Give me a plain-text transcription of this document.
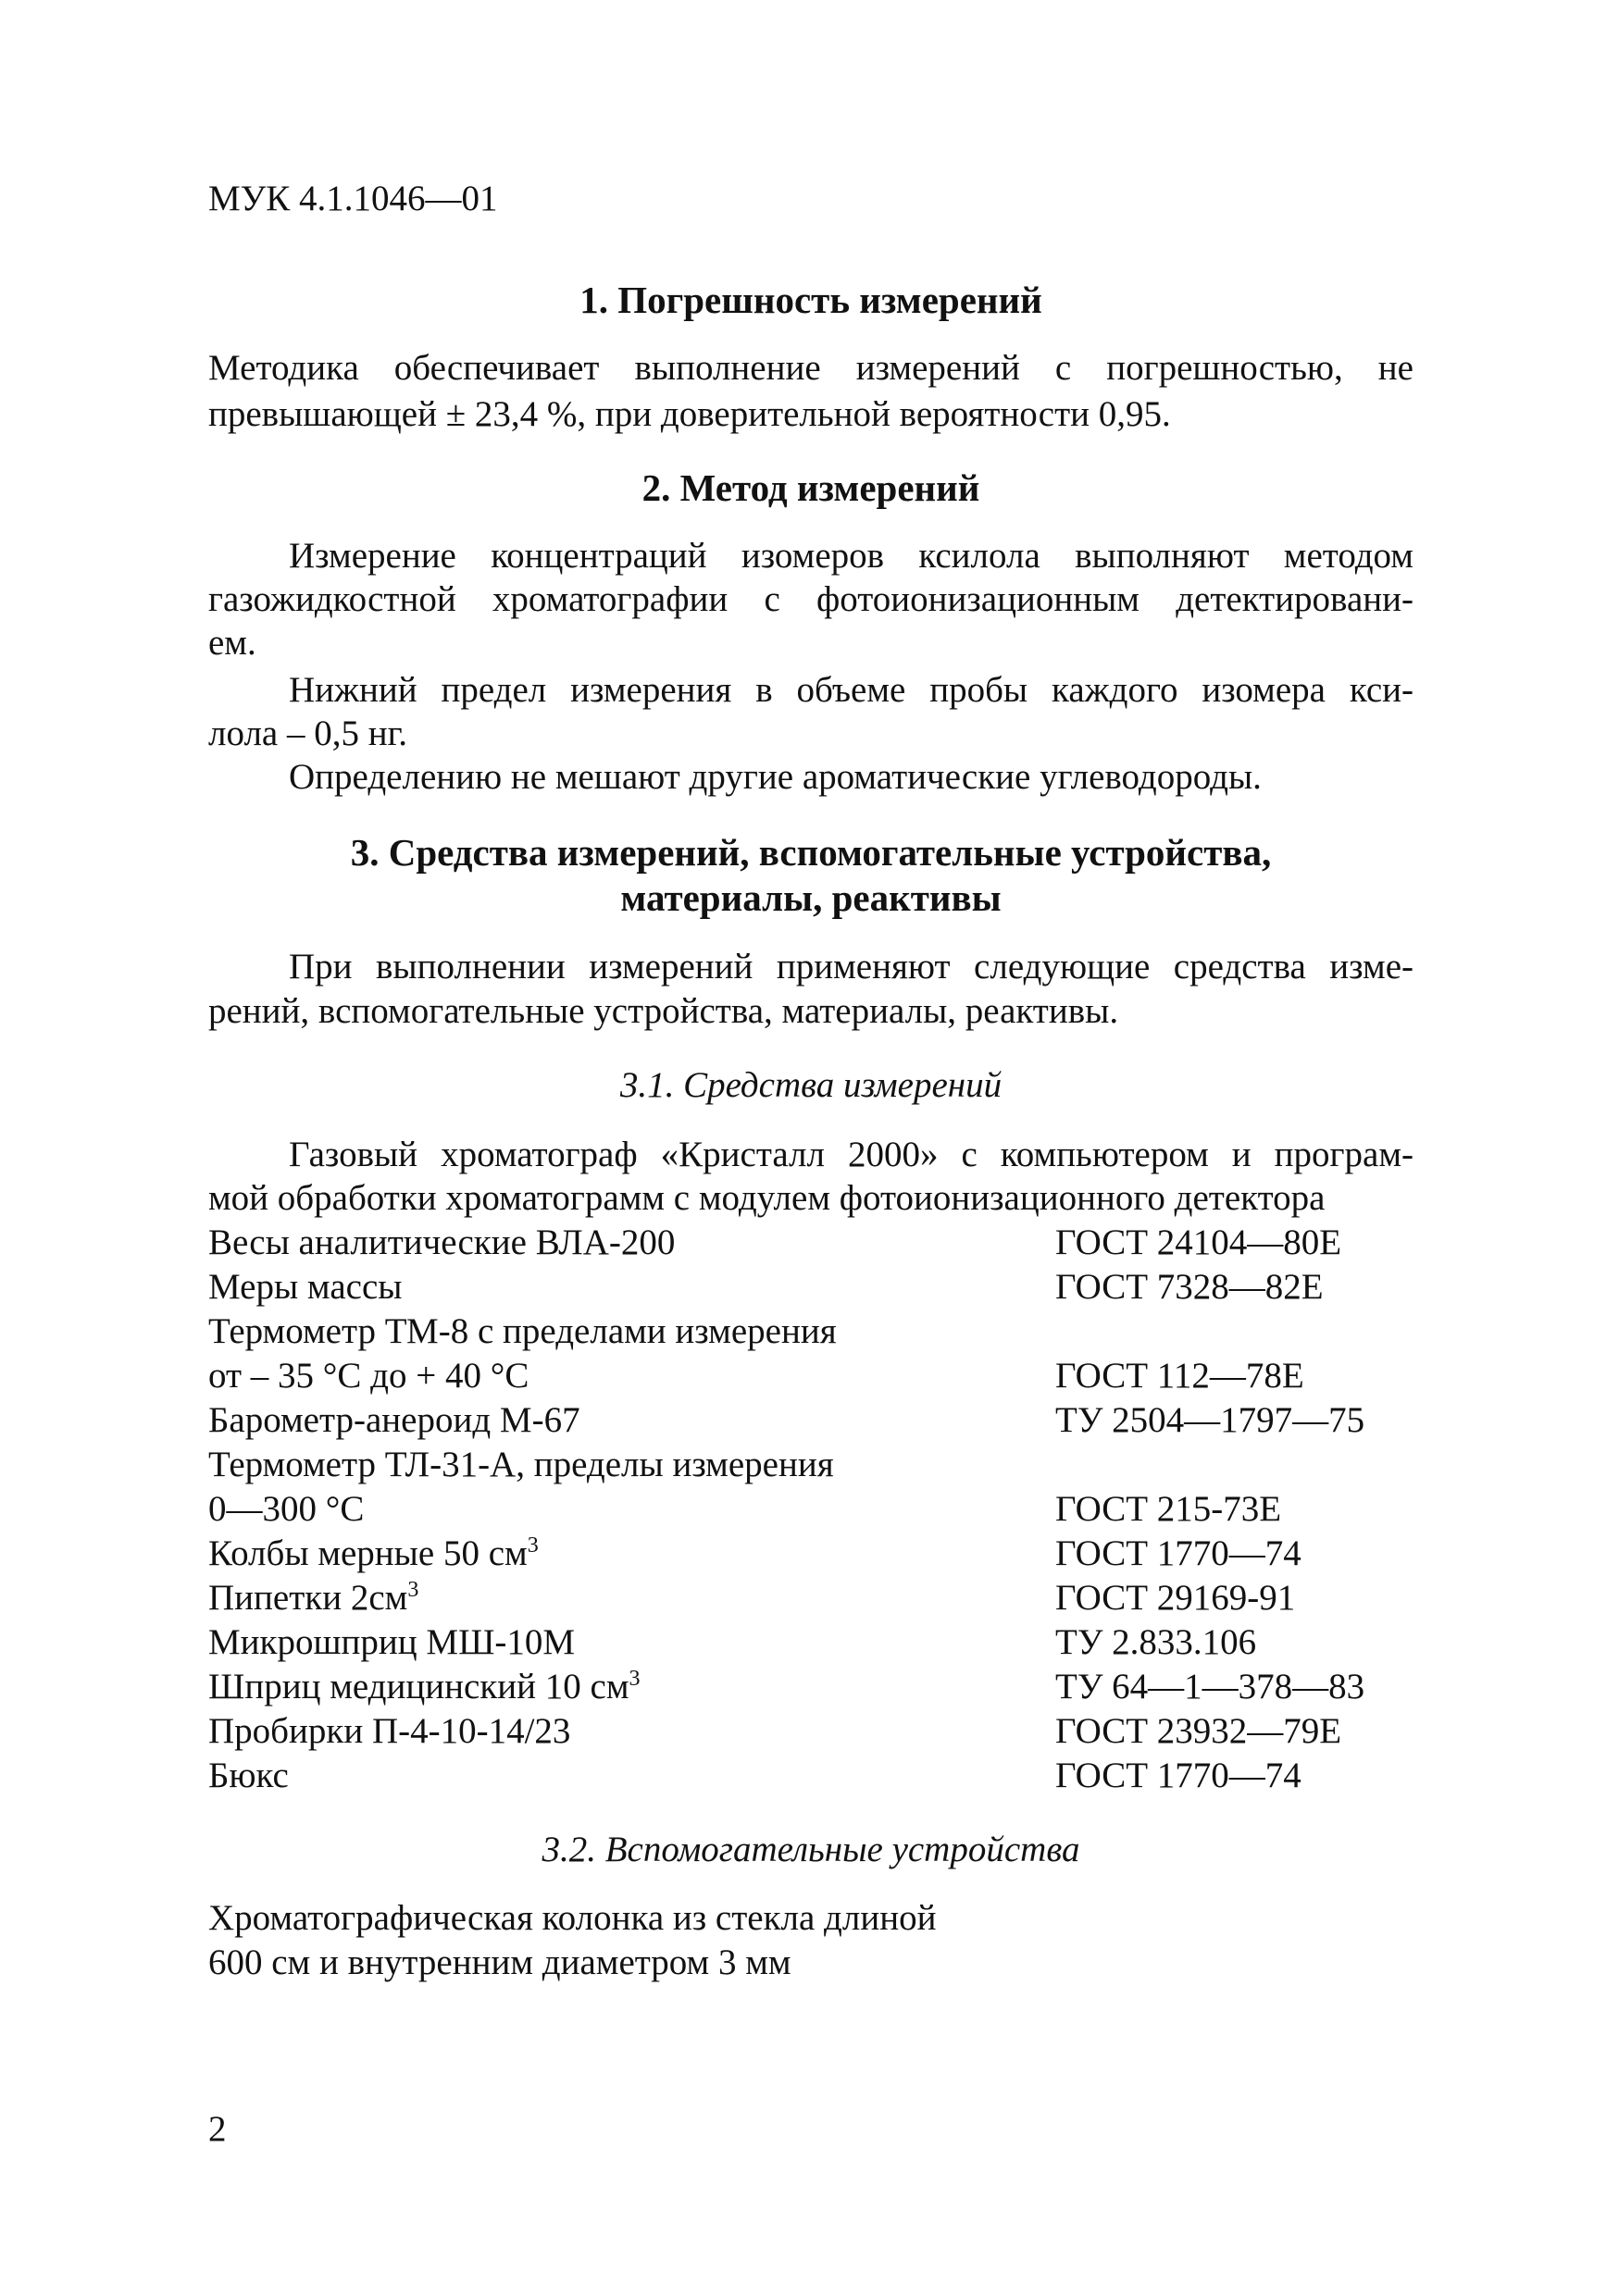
МУК 4.1.1046—01
1. Погрешность измерений
Методика обеспечивает выполнение измерений с погрешностью, не
превышающей ± 23,4 %, при доверительной вероятности 0,95.
2. Метод измерений
Измерение концентраций изомеров ксилола выполняют методом
газожидкостной хроматографии с фотоионизационным детектировани-
ем.
Нижний предел измерения в объеме пробы каждого изомера кси-
лола – 0,5 нг.
Определению не мешают другие ароматические углеводороды.
3. Средства измерений, вспомогательные устройства,
материалы, реактивы
При выполнении измерений применяют следующие средства изме-
рений, вспомогательные устройства, материалы, реактивы.
3.1. Средства измерений
Газовый хроматограф «Кристалл 2000» с компьютером и програм-
мой обработки хроматограмм с модулем фотоионизационного детектора
Весы аналитические ВЛА-200	ГОСТ 24104—80Е
Меры массы	ГОСТ 7328—82Е
Термометр ТМ-8 с пределами измерения
от – 35 °С до + 40 °С	ГОСТ 112—78Е
Барометр-анероид М-67	ТУ 2504—1797—75
Термометр ТЛ-31-А, пределы измерения
0—300 °С	ГОСТ 215-73Е
Колбы мерные 50 $см^3$	ГОСТ 1770—74
Пипетки $2см^3$	ГОСТ 29169-91
Микрошприц МШ-10М	ТУ 2.833.106
Шприц медицинский 10 $см^3$	ТУ 64—1—378—83
Пробирки П-4-10-14/23	ГОСТ 23932—79Е
Бюкс	ГОСТ 1770—74
3.2. Вспомогательные устройства
Хроматографическая колонка из стекла длиной
600 см и внутренним диаметром 3 мм
2
